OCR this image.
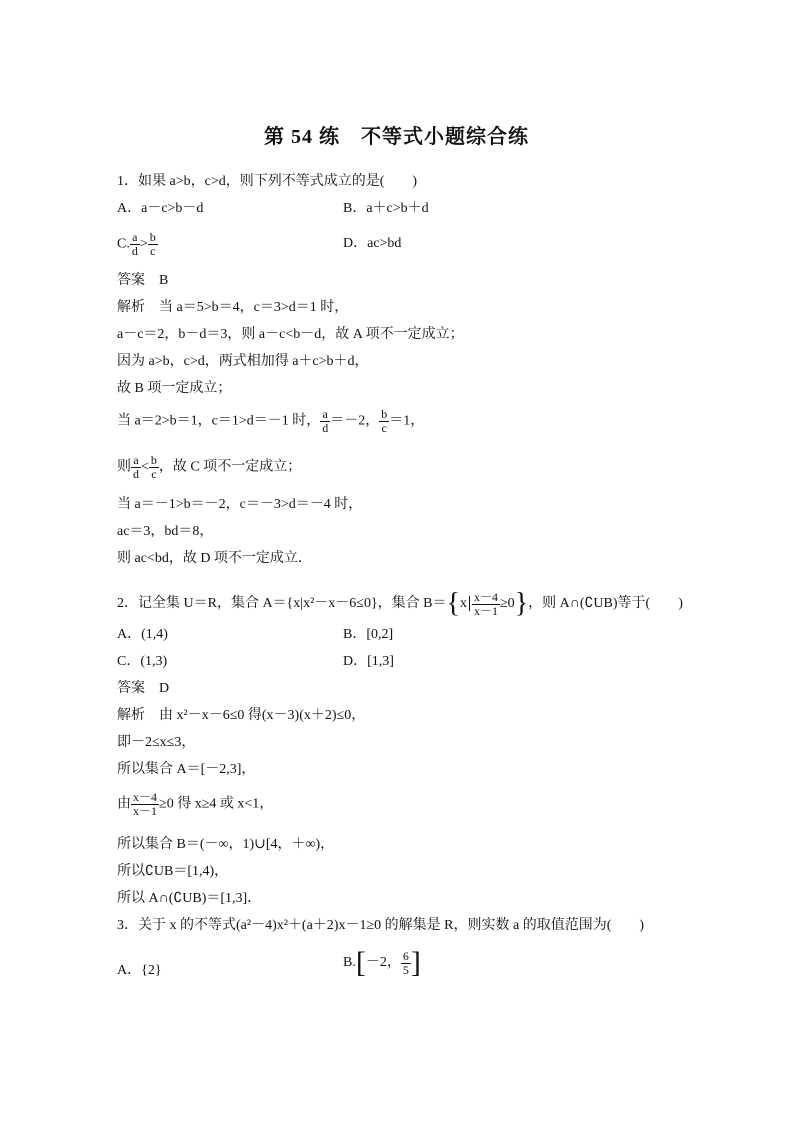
第 54 练　不等式小题综合练
1．如果 a>b，c>d，则下列不等式成立的是(　　)
A．a－c>b－d	B．a＋c>b＋d
C. $\frac{a}{d} > \frac{b}{c}$	D．ac>bd
答案　B
解析　当 a＝5>b＝4，c＝3>d＝1 时，
a－c＝2，b－d＝3，则 a－c<b－d，故 A 项不一定成立；
因为 a>b，c>d，两式相加得 a＋c>b＋d，
故 B 项一定成立；
当 a＝2>b＝1，c＝1>d＝－1 时， $\frac{a}{d} =-2$， $\frac{b}{c} =1$，
则 $\frac{a}{d} < \frac{b}{c}$ ，故 C 项不一定成立；
当 a＝－1>b＝－2，c＝－3>d＝－4 时，
ac＝3，bd＝8，
则 ac<bd，故 D 项不一定成立．
2．记全集 U＝R，集合 A＝{x|x²－x－6≤0}，集合 $B=\{x \frac{x-4}{x-1} \ge 0\}$，则 A∩(∁UB)等于(　　)
A．(1,4)	B．[0,2]
C．(1,3)	D．[1,3]
答案　D
解析　由 x²－x－6≤0 得(x－3)(x＋2)≤0，
即－2≤x≤3，
所以集合 A＝[－2,3]，
由 $\frac{x-4}{x-1} \ge 0$ 得 x≥4 或 x<1，
所以集合 B＝(－∞，1)∪[4，＋∞)，
所以∁UB＝[1,4)，
所以 A∩(∁UB)＝[1,3]．
3．关于 x 的不等式(a²－4)x²＋(a＋2)x－1≥0 的解集是 R，则实数 a 的取值范围为(　　)
A．{2}
B.[－2， $\frac{6}{5}$ ]
